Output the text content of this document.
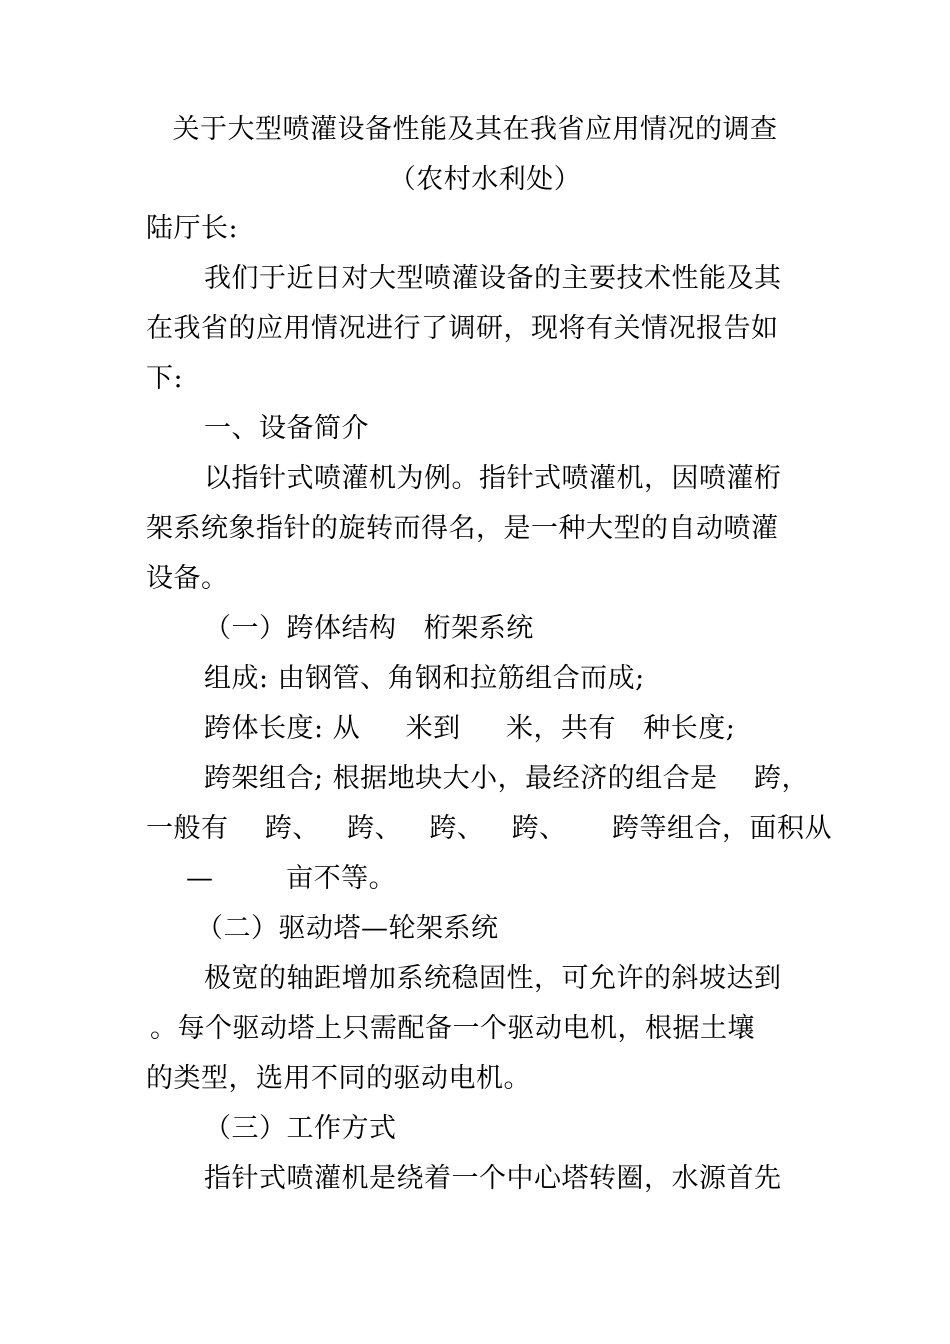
关于大型喷灌设备性能及其在我省应用情况的调查
（农村水利处）
陆厅长:
我们于近日对大型喷灌设备的主要技术性能及其
在我省的应用情况进行了调研，现将有关情况报告如
下:
一、设备简介
以指针式喷灌机为例。指针式喷灌机，因喷灌桁
架系统象指针的旋转而得名，是一种大型的自动喷灌
设备。
（一）跨体结构   桁架系统
组成: 由钢管、角钢和拉筋组合而成;
跨体长度: 从     米到     米，共有   种长度;
跨架组合; 根据地块大小，最经济的组合是    跨，
一般有    跨、   跨、   跨、   跨、     跨等组合，面积从
—        亩不等。
（二）驱动塔—轮架系统
极宽的轴距增加系统稳固性，可允许的斜坡达到
。每个驱动塔上只需配备一个驱动电机，根据土壤
的类型，选用不同的驱动电机。
（三）工作方式
指针式喷灌机是绕着一个中心塔转圈，水源首先
